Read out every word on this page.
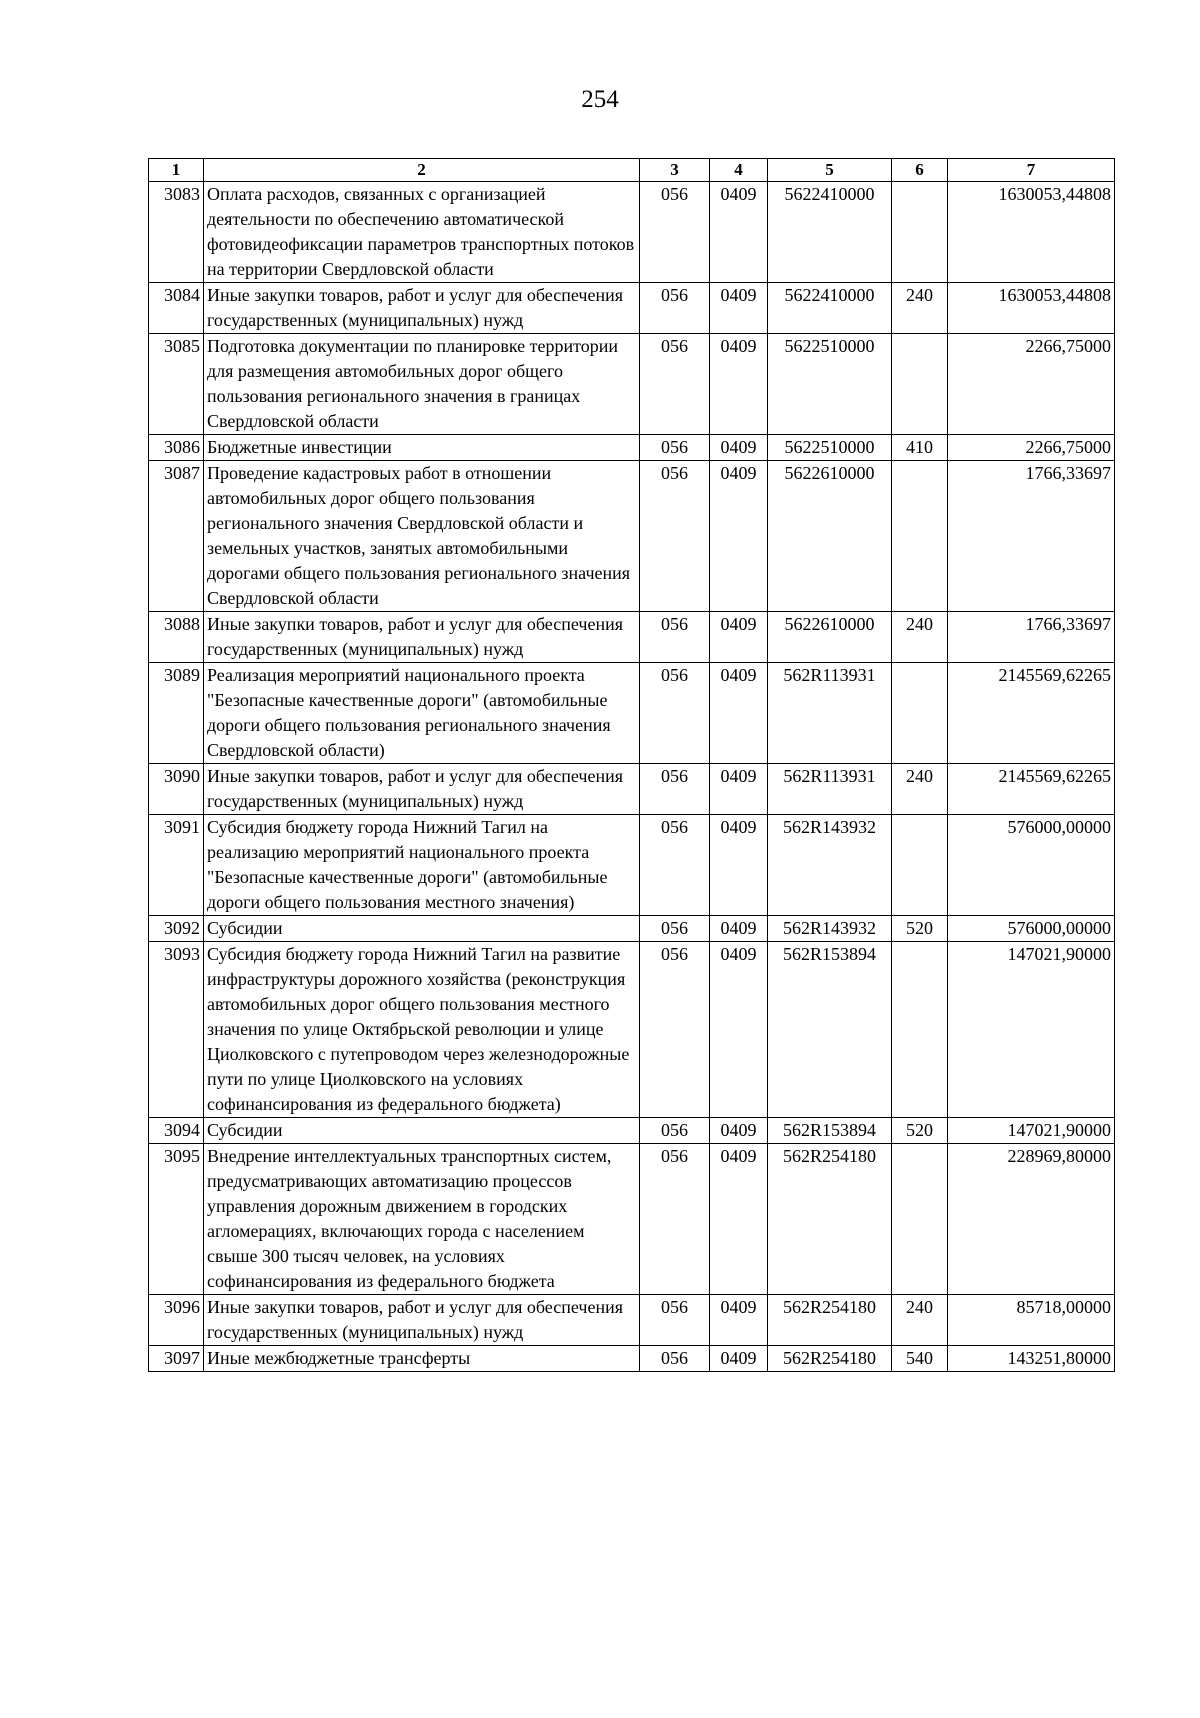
254
1	2	3	4	5	6	7
3083	Оплата расходов, связанных с организацией деятельности по обеспечению автоматической фотовидеофиксации параметров транспортных потоков на территории Свердловской области	056	0409	5622410000		1630053,44808
3084	Иные закупки товаров, работ и услуг для обеспечения государственных (муниципальных) нужд	056	0409	5622410000	240	1630053,44808
3085	Подготовка документации по планировке территории для размещения автомобильных дорог общего пользования регионального значения в границах Свердловской области	056	0409	5622510000		2266,75000
3086	Бюджетные инвестиции	056	0409	5622510000	410	2266,75000
3087	Проведение кадастровых работ в отношении автомобильных дорог общего пользования регионального значения Свердловской области и земельных участков, занятых автомобильными дорогами общего пользования регионального значения Свердловской области	056	0409	5622610000		1766,33697
3088	Иные закупки товаров, работ и услуг для обеспечения государственных (муниципальных) нужд	056	0409	5622610000	240	1766,33697
3089	Реализация мероприятий национального проекта "Безопасные качественные дороги" (автомобильные дороги общего пользования регионального значения Свердловской области)	056	0409	562R113931		2145569,62265
3090	Иные закупки товаров, работ и услуг для обеспечения государственных (муниципальных) нужд	056	0409	562R113931	240	2145569,62265
3091	Субсидия бюджету города Нижний Тагил на реализацию мероприятий национального проекта "Безопасные качественные дороги" (автомобильные дороги общего пользования местного значения)	056	0409	562R143932		576000,00000
3092	Субсидии	056	0409	562R143932	520	576000,00000
3093	Субсидия бюджету города Нижний Тагил на развитие инфраструктуры дорожного хозяйства (реконструкция автомобильных дорог общего пользования местного значения по улице Октябрьской революции и улице Циолковского с путепроводом через железнодорожные пути по улице Циолковского на условиях софинансирования из федерального бюджета)	056	0409	562R153894		147021,90000
3094	Субсидии	056	0409	562R153894	520	147021,90000
3095	Внедрение интеллектуальных транспортных систем, предусматривающих автоматизацию процессов управления дорожным движением в городских агломерациях, включающих города с населением свыше 300 тысяч человек, на условиях софинансирования из федерального бюджета	056	0409	562R254180		228969,80000
3096	Иные закупки товаров, работ и услуг для обеспечения государственных (муниципальных) нужд	056	0409	562R254180	240	85718,00000
3097	Иные межбюджетные трансферты	056	0409	562R254180	540	143251,80000
